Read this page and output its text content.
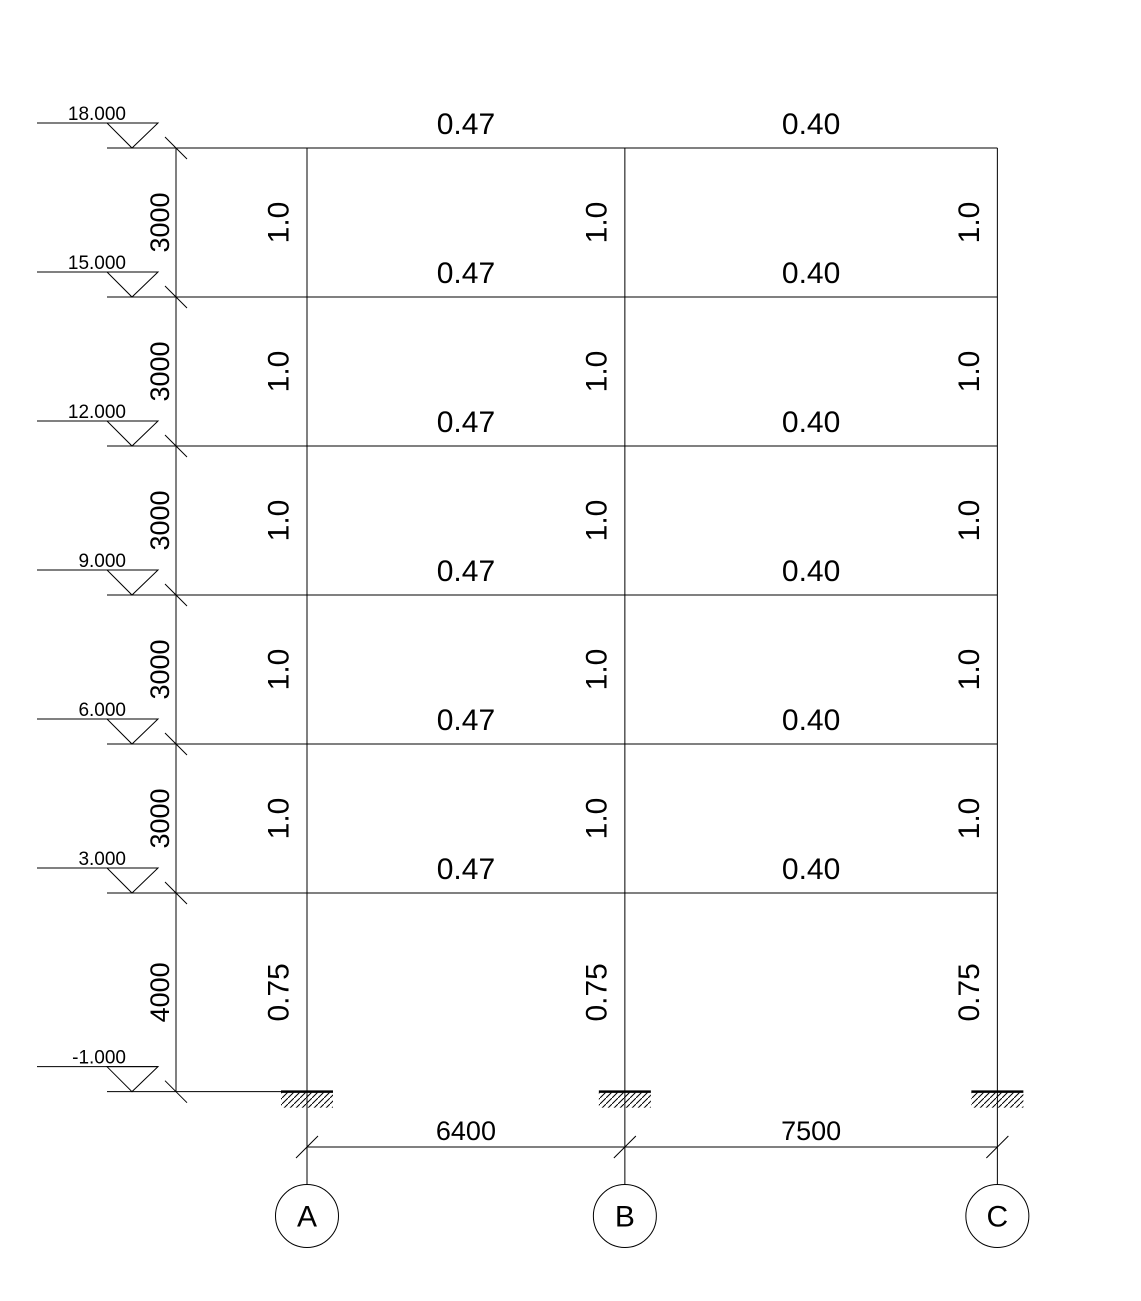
18.000
15.000
12.000
9.000
6.000
3.000
-1.000
3000	1.0	1.0	1.0
3000	1.0	1.0	1.0
3000	1.0	1.0	1.0
3000	1.0	1.0	1.0
3000	1.0	1.0	1.0
4000	0.75	0.75	0.75
0.47	0.40
0.47	0.40
0.47	0.40
0.47	0.40
0.47	0.40
0.47	0.40
A	B	C
6400	7500
